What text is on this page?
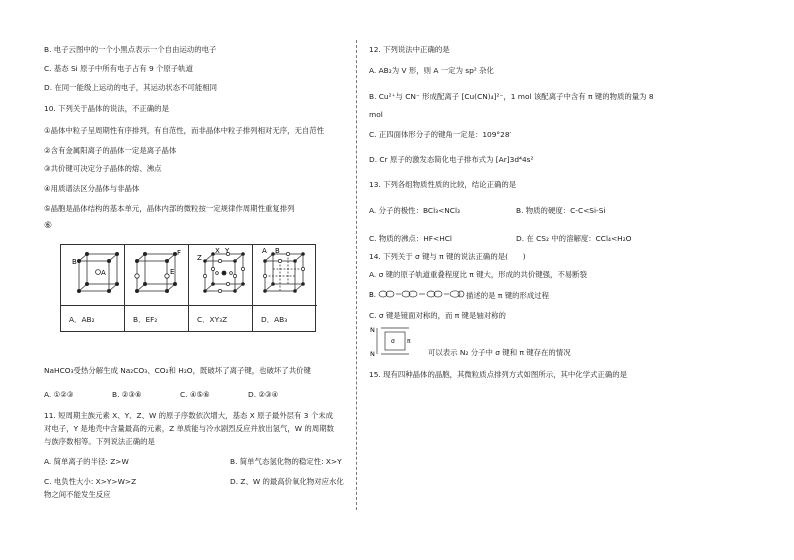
B. 电子云图中的一个小黑点表示一个自由运动的电子
C. 基态 Si 原子中所有电子占有 9 个原子轨道
D. 在同一能级上运动的电子，其运动状态不可能相同
10. 下列关于晶体的说法，不正确的是
①晶体中粒子呈周期性有序排列，有自范性，而非晶体中粒子排列相对无序，无自范性
②含有金属阳离子的晶体一定是离子晶体
③共价键可决定分子晶体的熔、沸点
④用质谱法区分晶体与非晶体
⑤晶胞是晶体结构的基本单元，晶体内部的微粒按一定规律作周期性重复排列
⑥
B
A
F
E
Z
X Y	A B
A．AB₂	B．EF₂	C．XY₃Z	D．AB₃
NaHCO₃受热分解生成 Na₂CO₃、CO₂和 H₂O，既破坏了离子键，也破坏了共价键
A. ①②③	B. ②③⑥	C. ④⑤⑥	D. ②③④
11. 短周期主族元素 X、Y、Z、W 的原子序数依次增大，基态 X 原子最外层有 3 个未成
对电子，Y 是地壳中含量最高的元素，Z 单质能与冷水剧烈反应并放出氢气，W 的周期数
与族序数相等。下列说法正确的是
A. 简单离子的半径: Z>W	B. 简单气态氢化物的稳定性: X>Y
C. 电负性大小: X>Y>W>Z	D. Z、W 的最高价氧化物对应水化
物之间不能发生反应
12. 下列说法中正确的是
A. AB₂为 V 形，则 A 一定为 sp² 杂化
B. Cu²⁺与 CN⁻ 形成配离子 [Cu(CN)₄]²⁻，1 mol 该配离子中含有 π 键的物质的量为 8
mol
C. 正四面体形分子的键角一定是：109°28′
D. Cr 原子的激发态简化电子排布式为 [Ar]3d⁴4s²
13. 下列各组物质性质的比较，结论正确的是
A. 分子的极性：BCl₃<NCl₃	B. 物质的硬度：C-C<Si-Si
C. 物质的沸点：HF<HCl	D. 在 CS₂ 中的溶解度：CCl₄<H₂O
14. 下列关于 σ 键与 π 键的说法正确的是(　　)
A. σ 键的原子轨道重叠程度比 π 键大，形成的共价键强，不易断裂
B.	描述的是 π 键的形成过程
C. σ 键是镜面对称的，而 π 键是轴对称的
N
N
σ π
可以表示 N₂ 分子中 σ 键和 π 键存在的情况
15. 现有四种晶体的晶胞，其微粒质点排列方式如图所示，其中化学式正确的是
